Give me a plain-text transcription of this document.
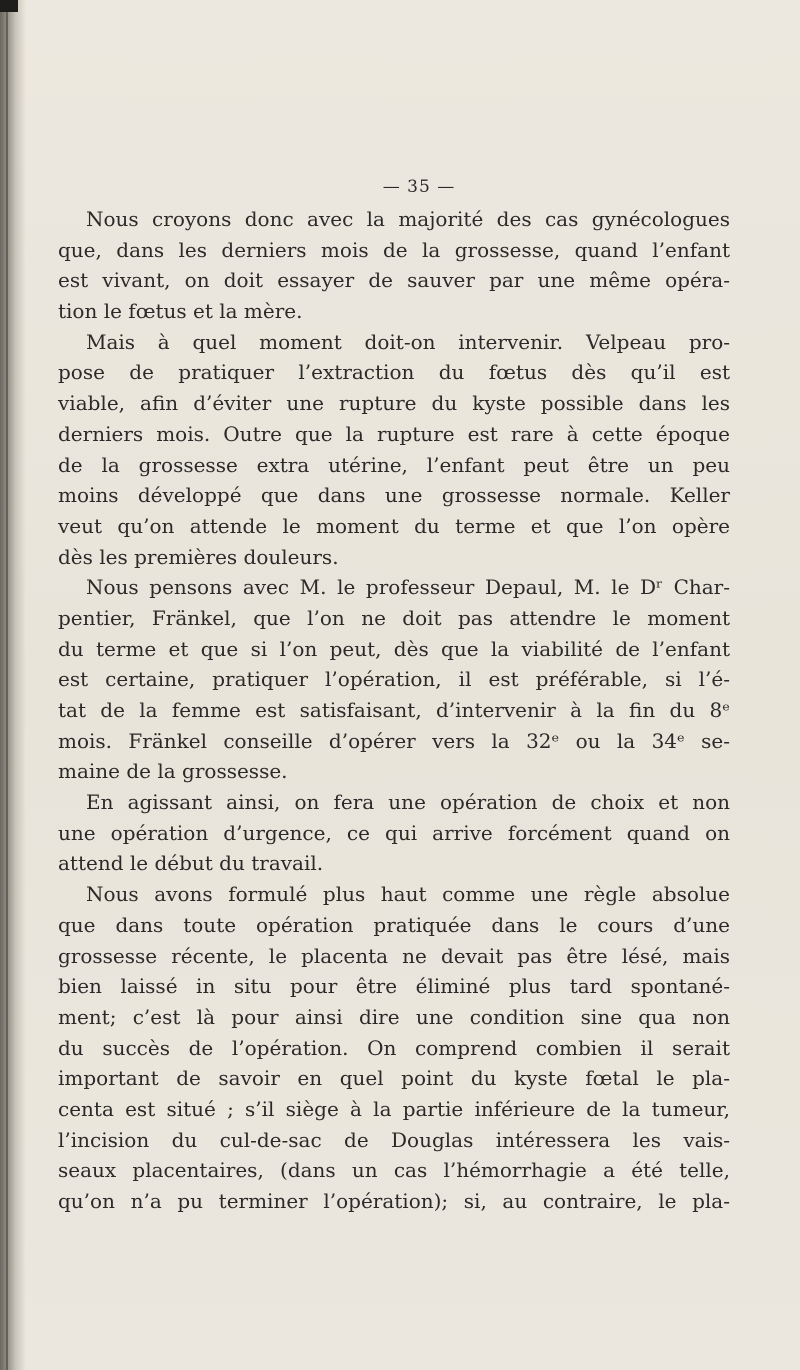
— 35 —
Nous croyons donc avec la majorité des cas gynécologues
que, dans les derniers mois de la grossesse, quand l’enfant
est vivant, on doit essayer de sauver par une même opéra-
tion le fœtus et la mère.
Mais à quel moment doit-on intervenir. Velpeau pro-
pose de pratiquer l’extraction du fœtus dès qu’il est
viable, afin d’éviter une rupture du kyste possible dans les
derniers mois. Outre que la rupture est rare à cette époque
de la grossesse extra utérine, l’enfant peut être un peu
moins développé que dans une grossesse normale. Keller
veut qu’on attende le moment du terme et que l’on opère
dès les premières douleurs.
Nous pensons avec M. le professeur Depaul, M. le Dʳ Char-
pentier, Fränkel, que l’on ne doit pas attendre le moment
du terme et que si l’on peut, dès que la viabilité de l’enfant
est certaine, pratiquer l’opération, il est préférable, si l’é-
tat de la femme est satisfaisant, d’intervenir à la fin du 8ᵉ
mois. Fränkel conseille d’opérer vers la 32ᵉ ou la 34ᵉ se-
maine de la grossesse.
En agissant ainsi, on fera une opération de choix et non
une opération d’urgence, ce qui arrive forcément quand on
attend le début du travail.
Nous avons formulé plus haut comme une règle absolue
que dans toute opération pratiquée dans le cours d’une
grossesse récente, le placenta ne devait pas être lésé, mais
bien laissé in situ pour être éliminé plus tard spontané-
ment; c’est là pour ainsi dire une condition sine qua non
du succès de l’opération. On comprend combien il serait
important de savoir en quel point du kyste fœtal le pla-
centa est situé ; s’il siège à la partie inférieure de la tumeur,
l’incision du cul-de-sac de Douglas intéressera les vais-
seaux placentaires, (dans un cas l’hémorrhagie a été telle,
qu’on n’a pu terminer l’opération); si, au contraire, le pla-
